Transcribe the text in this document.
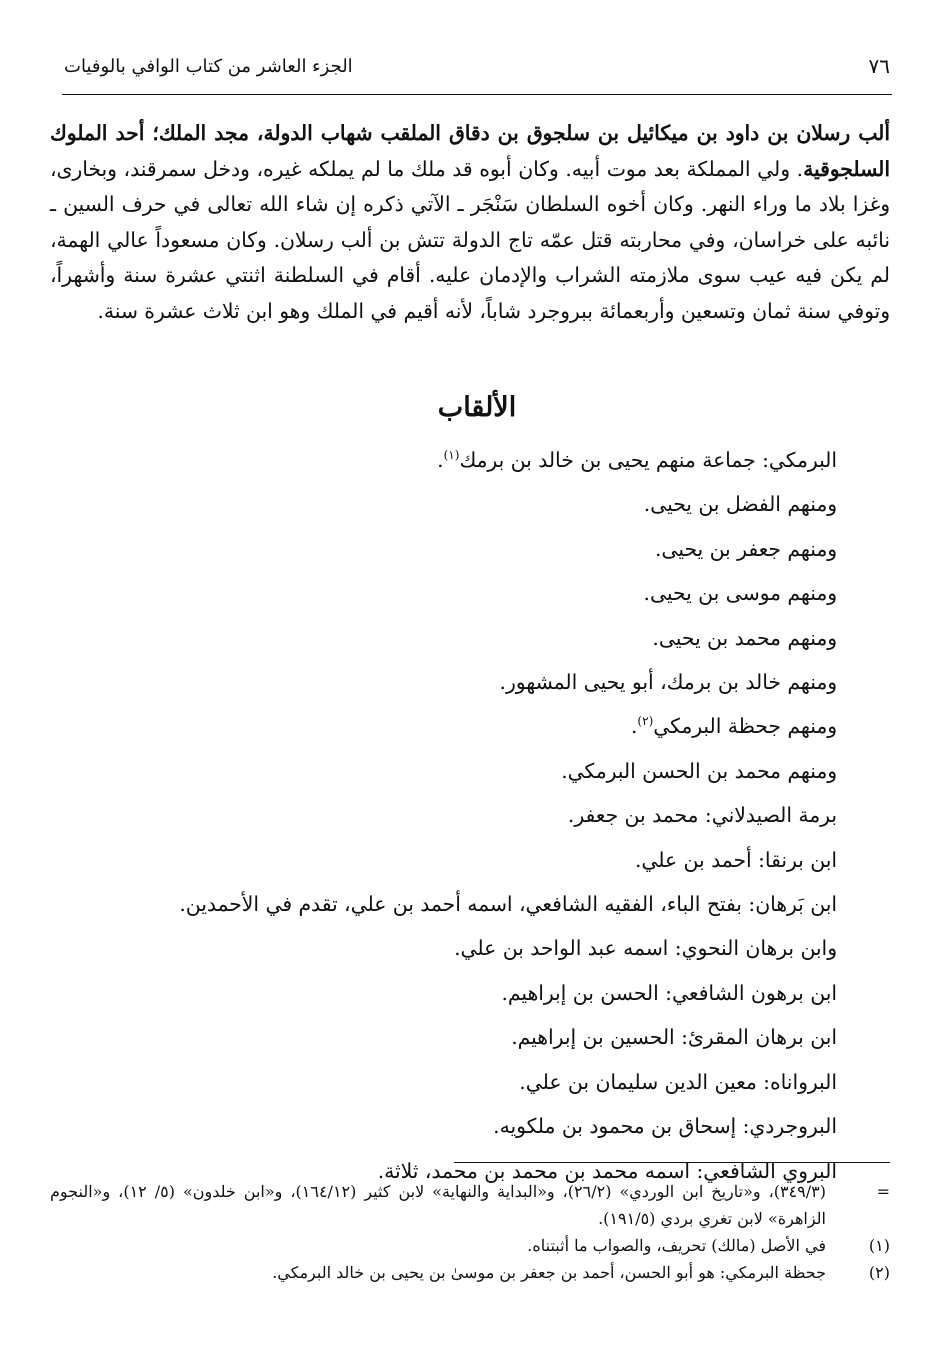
٧٦
الجزء العاشر من كتاب الوافي بالوفيات

ألب رسلان بن داود بن ميكائيل بن سلجوق بن دقاق الملقب شهاب الدولة، مجد الملك؛ أحد الملوك السلجوقية. ولي المملكة بعد موت أبيه. وكان أبوه قد ملك ما لم يملكه غيره، ودخل سمرقند، وبخارى، وغزا بلاد ما وراء النهر. وكان أخوه السلطان سَنْجَر ـ الآتي ذكره إن شاء الله تعالى في حرف السين ـ نائبه على خراسان، وفي محاربته قتل عمّه تاج الدولة تتش بن ألب رسلان. وكان مسعوداً عالي الهمة، لم يكن فيه عيب سوى ملازمته الشراب والإدمان عليه. أقام في السلطنة اثنتي عشرة سنة وأشهراً، وتوفي سنة ثمان وتسعين وأربعمائة ببروجرد شاباً، لأنه أقيم في الملك وهو ابن ثلاث عشرة سنة.

الألقاب
البرمكي: جماعة منهم يحيى بن خالد بن برمك$^{(١)}$.
ومنهم الفضل بن يحيى.
ومنهم جعفر بن يحيى.
ومنهم موسى بن يحيى.
ومنهم محمد بن يحيى.
ومنهم خالد بن برمك، أبو يحيى المشهور.
ومنهم جحظة البرمكي$^{(٢)}$.
ومنهم محمد بن الحسن البرمكي.
برمة الصيدلاني: محمد بن جعفر.
ابن برنقا: أحمد بن علي.
ابن بَرهان: بفتح الباء، الفقيه الشافعي، اسمه أحمد بن علي، تقدم في الأحمدين.
وابن برهان النحوي: اسمه عبد الواحد بن علي.
ابن برهون الشافعي: الحسن بن إبراهيم.
ابن برهان المقرئ: الحسين بن إبراهيم.
البرواناه: معين الدين سليمان بن علي.
البروجردي: إسحاق بن محمود بن ملكويه.
البروي الشافعي: اسمه محمد بن محمد بن محمد، ثلاثة.
=
(٣٤٩/٣)، و«تاريخ ابن الوردي» (٢٦/٢)، و«البداية والنهاية» لابن كثير (١٦٤/١٢)، و«ابن خلدون» (٥/ ١٢)، و«النجوم الزاهرة» لابن تغري بردي (١٩١/٥).
(١)
في الأصل (مالك) تحريف، والصواب ما أثبتناه.
(٢)
جحظة البرمكي: هو أبو الحسن، أحمد بن جعفر بن موسىٰ بن يحيى بن خالد البرمكي.
